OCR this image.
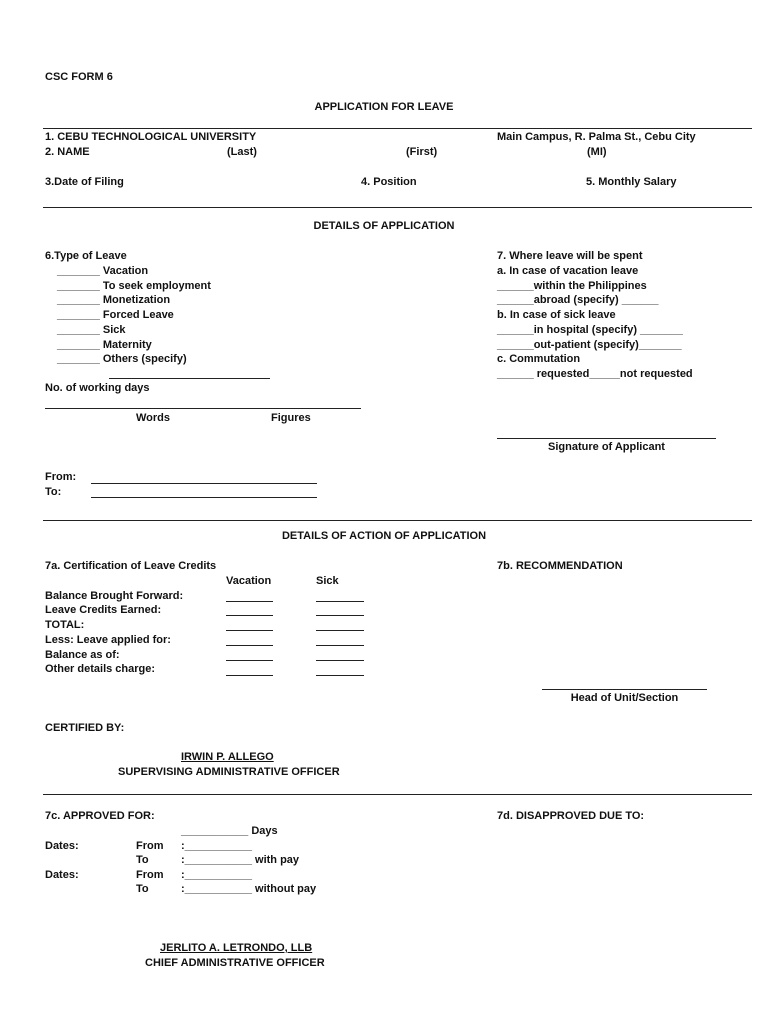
CSC FORM 6
APPLICATION FOR LEAVE
1. CEBU TECHNOLOGICAL UNIVERSITY	Main Campus, R. Palma St., Cebu City
2. NAME	(Last)	(First)	(MI)
3.Date of Filing	4. Position	5. Monthly Salary
DETAILS OF APPLICATION
6.Type of Leave
_______ Vacation
_______ To seek employment
_______ Monetization
_______ Forced Leave
_______ Sick
_______ Maternity
_______ Others (specify)
No. of working days
Words	Figures
From:
To:
7. Where leave will be spent
a. In case of vacation leave
______within the Philippines
______abroad (specify) ______
b. In case of sick leave
______in hospital (specify) _______
______out-patient (specify)_______
c. Commutation
______ requested_____not requested
Signature of Applicant
DETAILS OF ACTION OF APPLICATION
7a. Certification of Leave Credits
Vacation	Sick
Balance Brought Forward:
Leave Credits Earned:
TOTAL:
Less: Leave applied for:
Balance as of:
Other details charge:
7b. RECOMMENDATION
Head of Unit/Section
CERTIFIED BY:
IRWIN P. ALLEGO
SUPERVISING ADMINISTRATIVE OFFICER
7c. APPROVED FOR:	7d. DISAPPROVED DUE TO:
___________ Days
Dates:	From :___________
To	:___________ with pay
Dates:	From :___________
To	:___________ without pay
JERLITO A. LETRONDO, LLB
CHIEF ADMINISTRATIVE OFFICER
